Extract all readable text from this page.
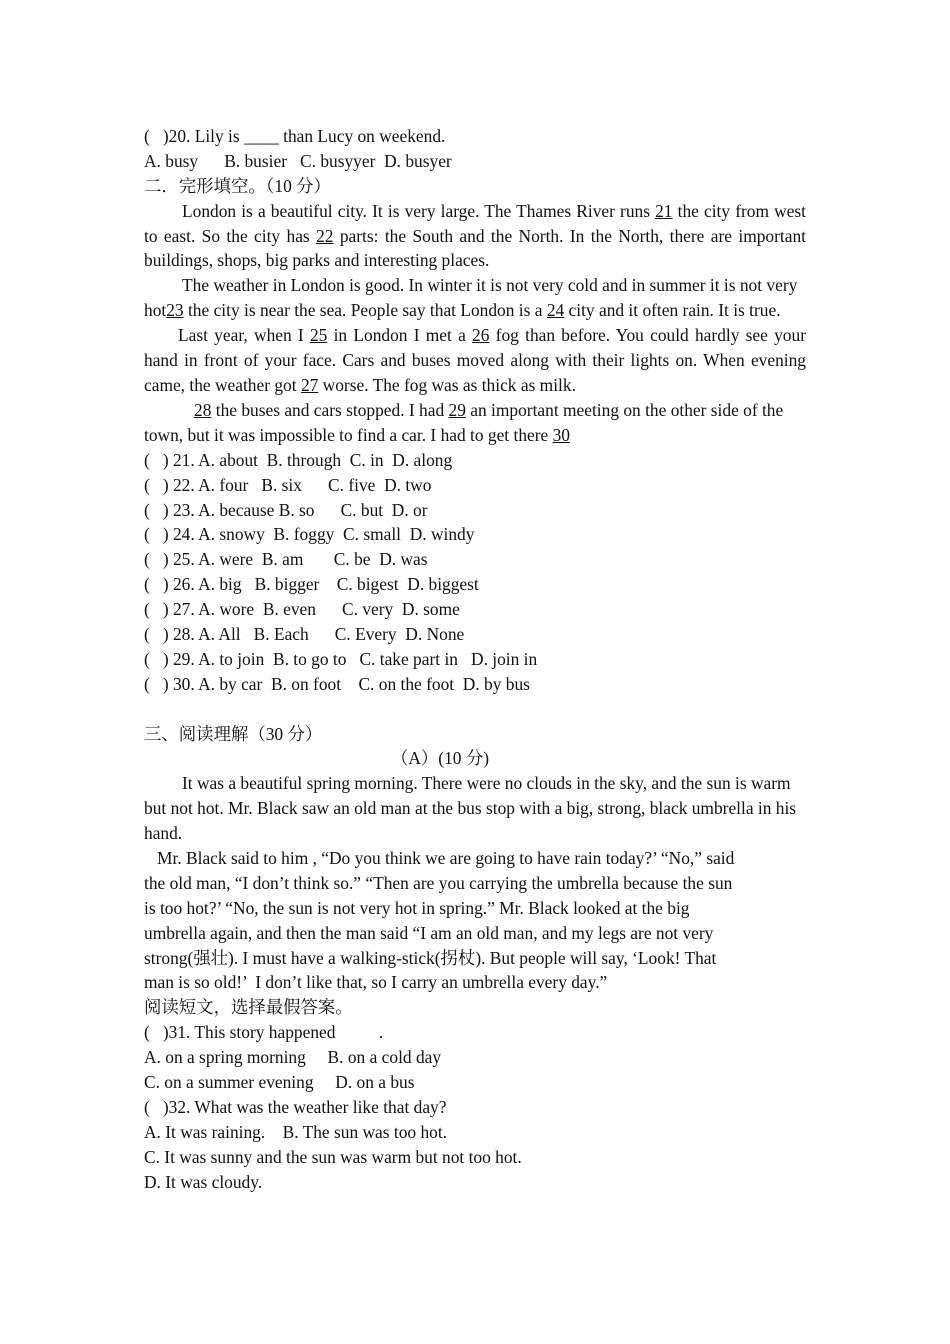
(   )20. Lily is ____ than Lucy on weekend.
A. busy      B. busier   C. busyyer  D. busyer
二．完形填空。（10 分）
London is a beautiful city. It is very large. The Thames River runs 21 the city from west to east. So the city has 22 parts: the South and the North. In the North, there are important buildings, shops, big parks and interesting places.
The weather in London is good. In winter it is not very cold and in summer it is not very hot23 the city is near the sea. People say that London is a 24 city and it often rain. It is true.
Last year, when I 25 in London I met a 26 fog than before. You could hardly see your hand in front of your face. Cars and buses moved along with their lights on. When evening came, the weather got 27 worse. The fog was as thick as milk.
28 the buses and cars stopped. I had 29 an important meeting on the other side of the town, but it was impossible to find a car. I had to get there 30
(   ) 21. A. about  B. through  C. in  D. along
(   ) 22. A. four   B. six      C. five  D. two
(   ) 23. A. because B. so      C. but  D. or
(   ) 24. A. snowy  B. foggy  C. small  D. windy
(   ) 25. A. were  B. am       C. be  D. was
(   ) 26. A. big   B. bigger    C. bigest  D. biggest
(   ) 27. A. wore  B. even      C. very  D. some
(   ) 28. A. All   B. Each      C. Every  D. None
(   ) 29. A. to join  B. to go to   C. take part in   D. join in
(   ) 30. A. by car  B. on foot    C. on the foot  D. by bus
三、阅读理解（30 分）
（A）(10 分)
It was a beautiful spring morning. There were no clouds in the sky, and the sun is warm but not hot. Mr. Black saw an old man at the bus stop with a big, strong, black umbrella in his hand.
Mr. Black said to him , “Do you think we are going to have rain today?’ “No,” said
the old man, “I don’t think so.” “Then are you carrying the umbrella because the sun
is too hot?’ “No, the sun is not very hot in spring.” Mr. Black looked at the big
umbrella again, and then the man said “I am an old man, and my legs are not very
strong(强壮). I must have a walking-stick(拐杖). But people will say, ‘Look! That
man is so old!’  I don’t like that, so I carry an umbrella every day.”
阅读短文，选择最假答案。
(   )31. This story happened          .
A. on a spring morning     B. on a cold day
C. on a summer evening     D. on a bus
(   )32. What was the weather like that day?
A. It was raining.    B. The sun was too hot.
C. It was sunny and the sun was warm but not too hot.
D. It was cloudy.
